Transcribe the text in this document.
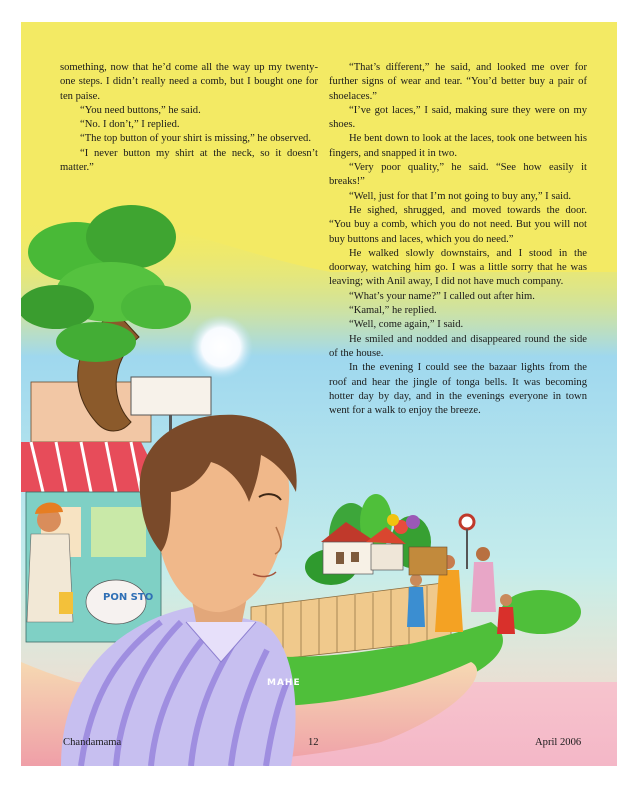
PON STO
MAHE

something, now that he’d come all the way up my twenty-one steps. I didn’t really need a comb, but I bought one for ten paise.

“You need buttons,” he said.

“No. I don’t,” I replied.

“The top button of your shirt is missing,” he observed.

“I never button my shirt at the neck, so it doesn’t matter.”

“That’s different,” he said, and looked me over for further signs of wear and tear. “You’d better buy a pair of shoelaces.”

“I’ve got laces,” I said, making sure they were on my shoes.

He bent down to look at the laces, took one between his fingers, and snapped it in two.

“Very poor quality,” he said. “See how easily it breaks!”

“Well, just for that I’m not going to buy any,” I said.

He sighed, shrugged, and moved towards the door. “You buy a comb, which you do not need. But you will not buy buttons and laces, which you do need.”

He walked slowly downstairs, and I stood in the doorway, watching him go. I was a little sorry that he was leaving; with Anil away, I did not have much company.

“What’s your name?” I called out after him.

“Kamal,” he replied.

“Well, come again,” I said.

He smiled and nodded and disappeared round the side of the house.

In the evening I could see the bazaar lights from the roof and hear the jingle of tonga bells. It was becoming hotter day by day, and in the evenings everyone in town went for a walk to enjoy the breeze.

Chandamama	12	April 2006
